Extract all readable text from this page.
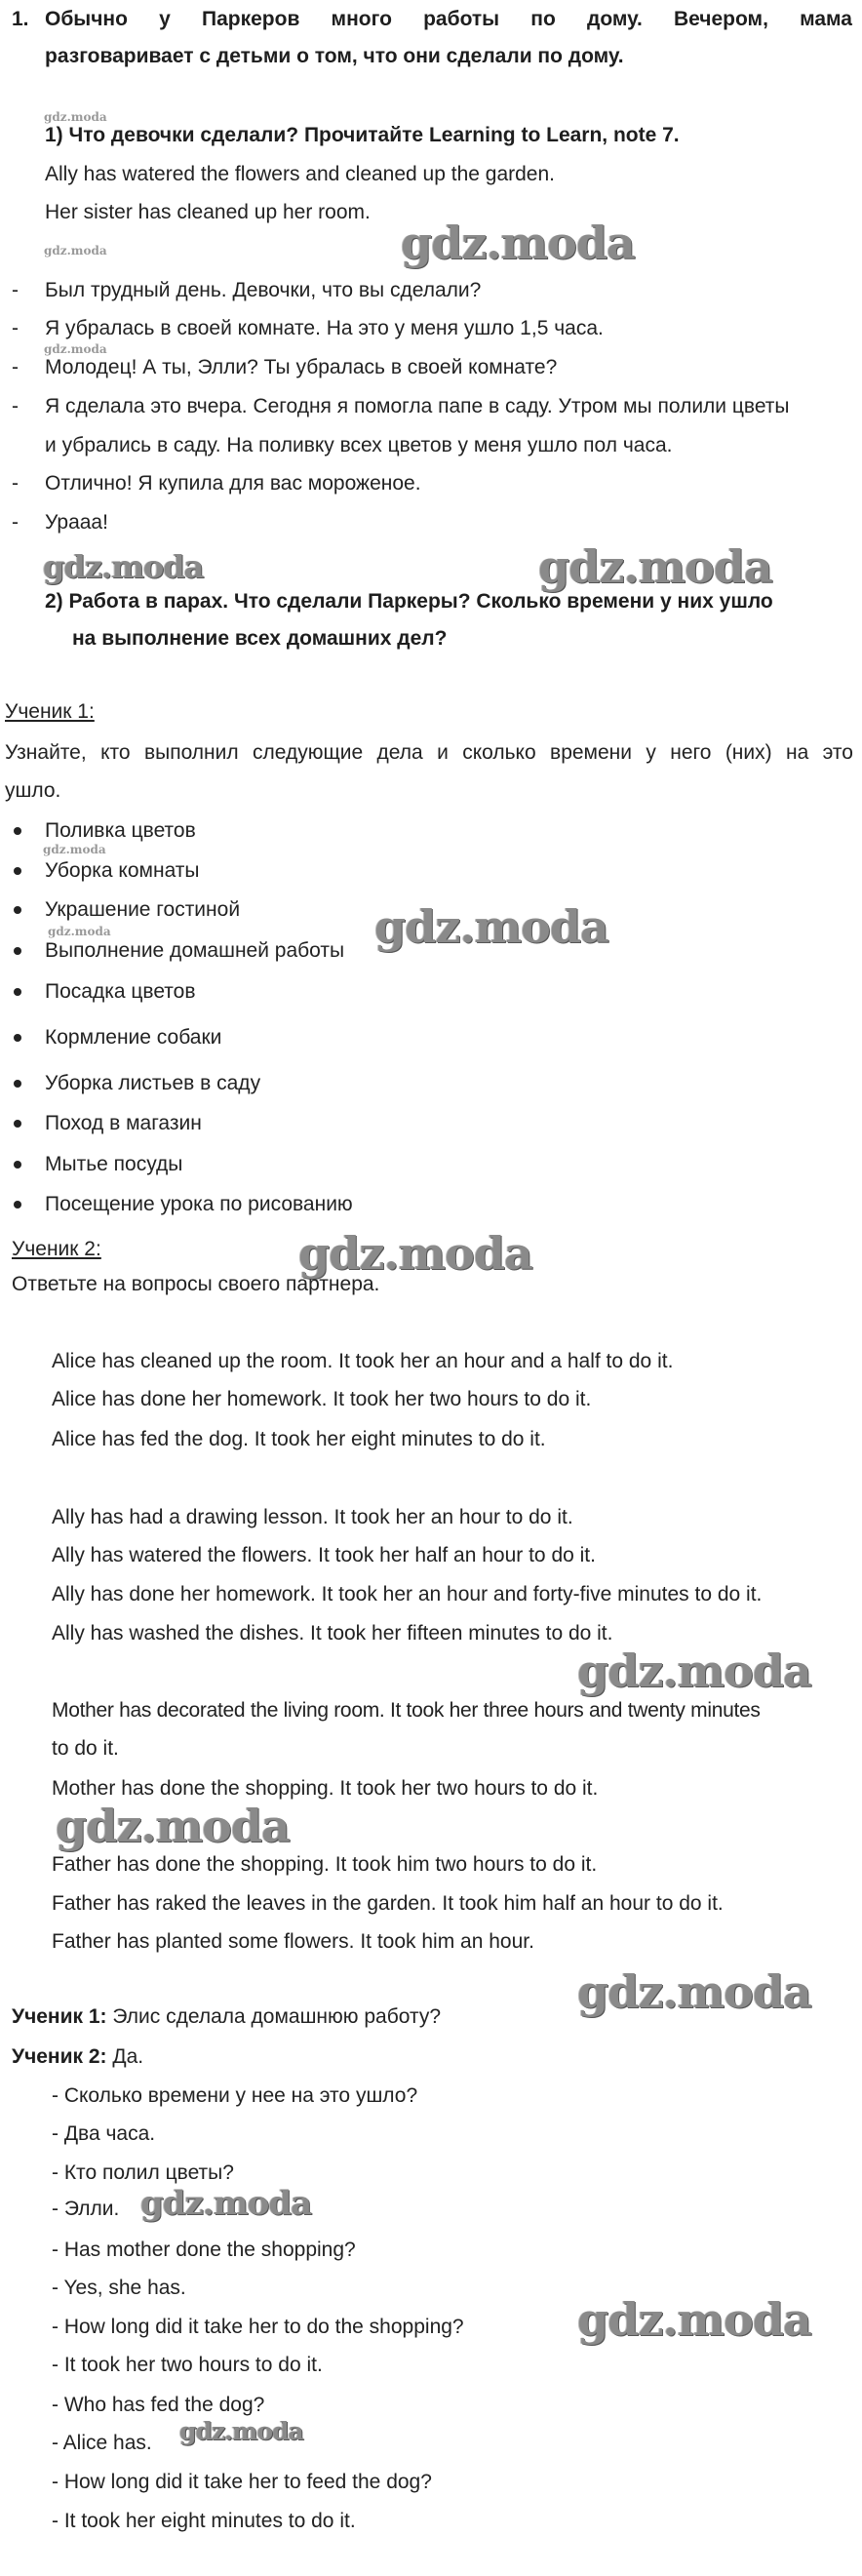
1. Обычно у Паркеров много работы по дому. Вечером, мама
разговаривает с детьми о том, что они сделали по дому.
gdz.moda
1) Что девочки сделали? Прочитайте Learning to Learn, note 7.
Ally has watered the flowers and cleaned up the garden.
Her sister has cleaned up her room.
gdz.moda	gdz.moda
- Был трудный день. Девочки, что вы сделали?
- Я убралась в своей комнате. На это у меня ушло 1,5 часа.
gdz.moda
- Молодец! А ты, Элли? Ты убралась в своей комнате?
- Я сделала это вчера. Сегодня я помогла папе в саду. Утром мы полили цветы
и убрались в саду. На поливку всех цветов у меня ушло пол часа.
- Отлично! Я купила для вас мороженое.
- Ураaa!
gdz.moda	gdz.moda
2) Работа в парах. Что сделали Паркеры? Сколько времени у них ушло
на выполнение всех домашних дел?
Ученик 1:
Узнайте, кто выполнил следующие дела и сколько времени у него (них) на это
ушло.
Поливка цветов
gdz.moda
Уборка комнаты
Украшение гостиной
gdz.moda	gdz.moda
Выполнение домашней работы
Посадка цветов
Кормление собаки
Уборка листьев в саду
Поход в магазин
Мытье посуды
Посещение урока по рисованию
Ученик 2:	gdz.moda
Ответьте на вопросы своего партнера.
Alice has cleaned up the room. It took her an hour and a half to do it.
Alice has done her homework. It took her two hours to do it.
Alice has fed the dog. It took her eight minutes to do it.
Ally has had a drawing lesson. It took her an hour to do it.
Ally has watered the flowers. It took her half an hour to do it.
Ally has done her homework. It took her an hour and forty-five minutes to do it.
Ally has washed the dishes. It took her fifteen minutes to do it.
gdz.moda
Mother has decorated the living room. It took her three hours and twenty minutes
to do it.
Mother has done the shopping. It took her two hours to do it.
gdz.moda
Father has done the shopping. It took him two hours to do it.
Father has raked the leaves in the garden. It took him half an hour to do it.
Father has planted some flowers. It took him an hour.
gdz.moda
Ученик 1: Элис сделала домашнюю работу?
Ученик 2: Да.
- Сколько времени у нее на это ушло?
- Два часа.
- Кто полил цветы?
- Элли. gdz.moda
- Has mother done the shopping?
- Yes, she has.
gdz.moda
- How long did it take her to do the shopping?
- It took her two hours to do it.
- Who has fed the dog?
gdz.moda
- Alice has.
- How long did it take her to feed the dog?
- It took her eight minutes to do it.
